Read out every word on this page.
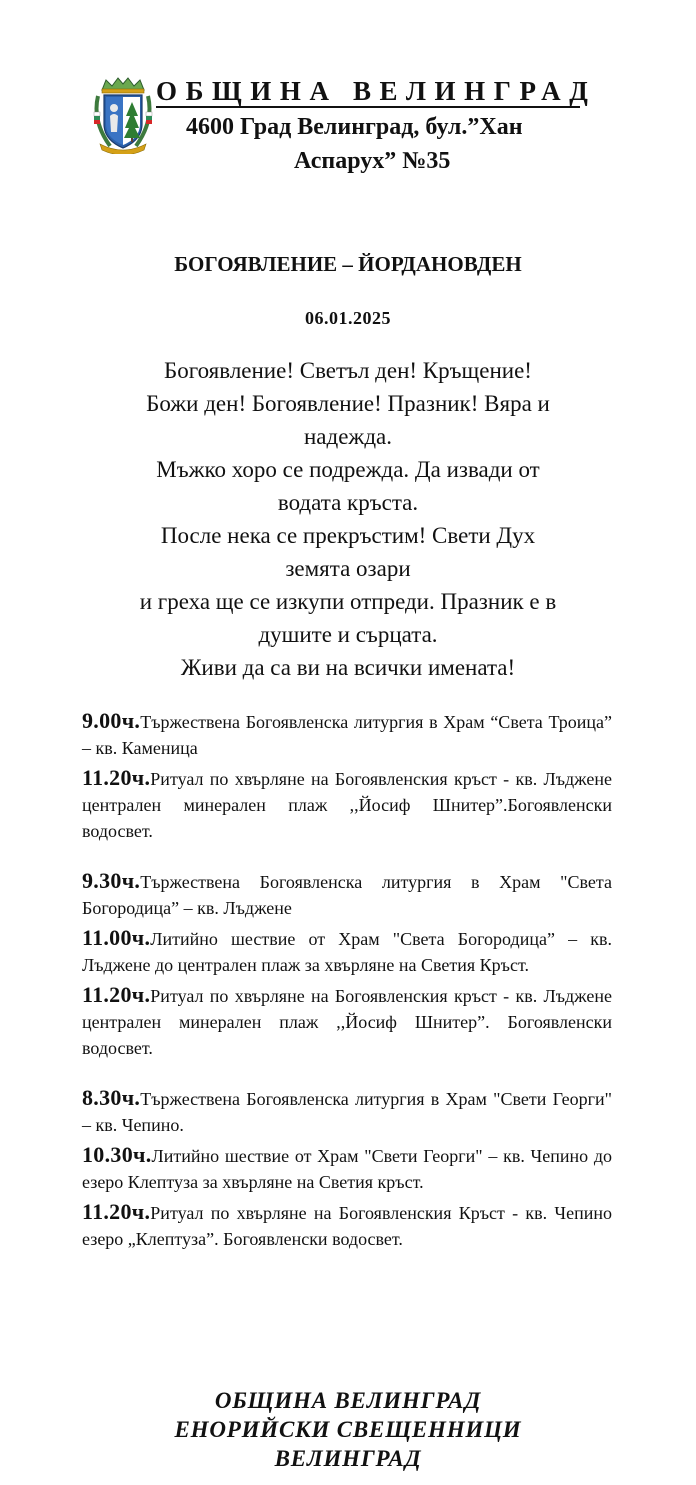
ОБЩИНА ВЕЛИНГРАД
4600 Град Велинград, бул.”Хан
Аспарух” №35
БОГОЯВЛЕНИЕ – ЙОРДАНОВДЕН
06.01.2025
Богоявление! Светъл ден! Кръщение!
Божи ден! Богоявление! Празник! Вяра и
надежда.
Мъжко хоро се подрежда. Да извади от
водата кръста.
После нека се прекръстим! Свети Дух
земята озари
и греха ще се изкупи отпреди. Празник е в
душите и сърцата.
Живи да са ви на всички имената!

9.00ч.Тържествена Богоявленска литургия в Храм “Света Троица” – кв. Каменица

11.20ч.Ритуал по хвърляне на Богоявленския кръст - кв. Лъджене централен минерален плаж ,,Йосиф Шнитер”.Богоявленски водосвет.

9.30ч.Тържествена Богоявленска литургия в Храм "Света Богородица” – кв. Лъджене

11.00ч.Литийно шествие от Храм "Света Богородица” – кв. Лъджене до централен плаж за хвърляне на Светия Кръст.

11.20ч.Ритуал по хвърляне на Богоявленския кръст - кв. Лъджене централен минерален плаж ,,Йосиф Шнитер”. Богоявленски водосвет.

8.30ч.Тържествена Богоявленска литургия в Храм "Свети Георги" – кв. Чепино.

10.30ч.Литийно шествие от Храм "Свети Георги" – кв. Чепино до езеро Клептуза за хвърляне на Светия кръст.

11.20ч.Ритуал по хвърляне на Богоявленския Кръст - кв. Чепино езеро „Клептуза”. Богоявленски водосвет.

ОБЩИНА ВЕЛИНГРАД
ЕНОРИЙСКИ СВЕЩЕННИЦИ
ВЕЛИНГРАД
